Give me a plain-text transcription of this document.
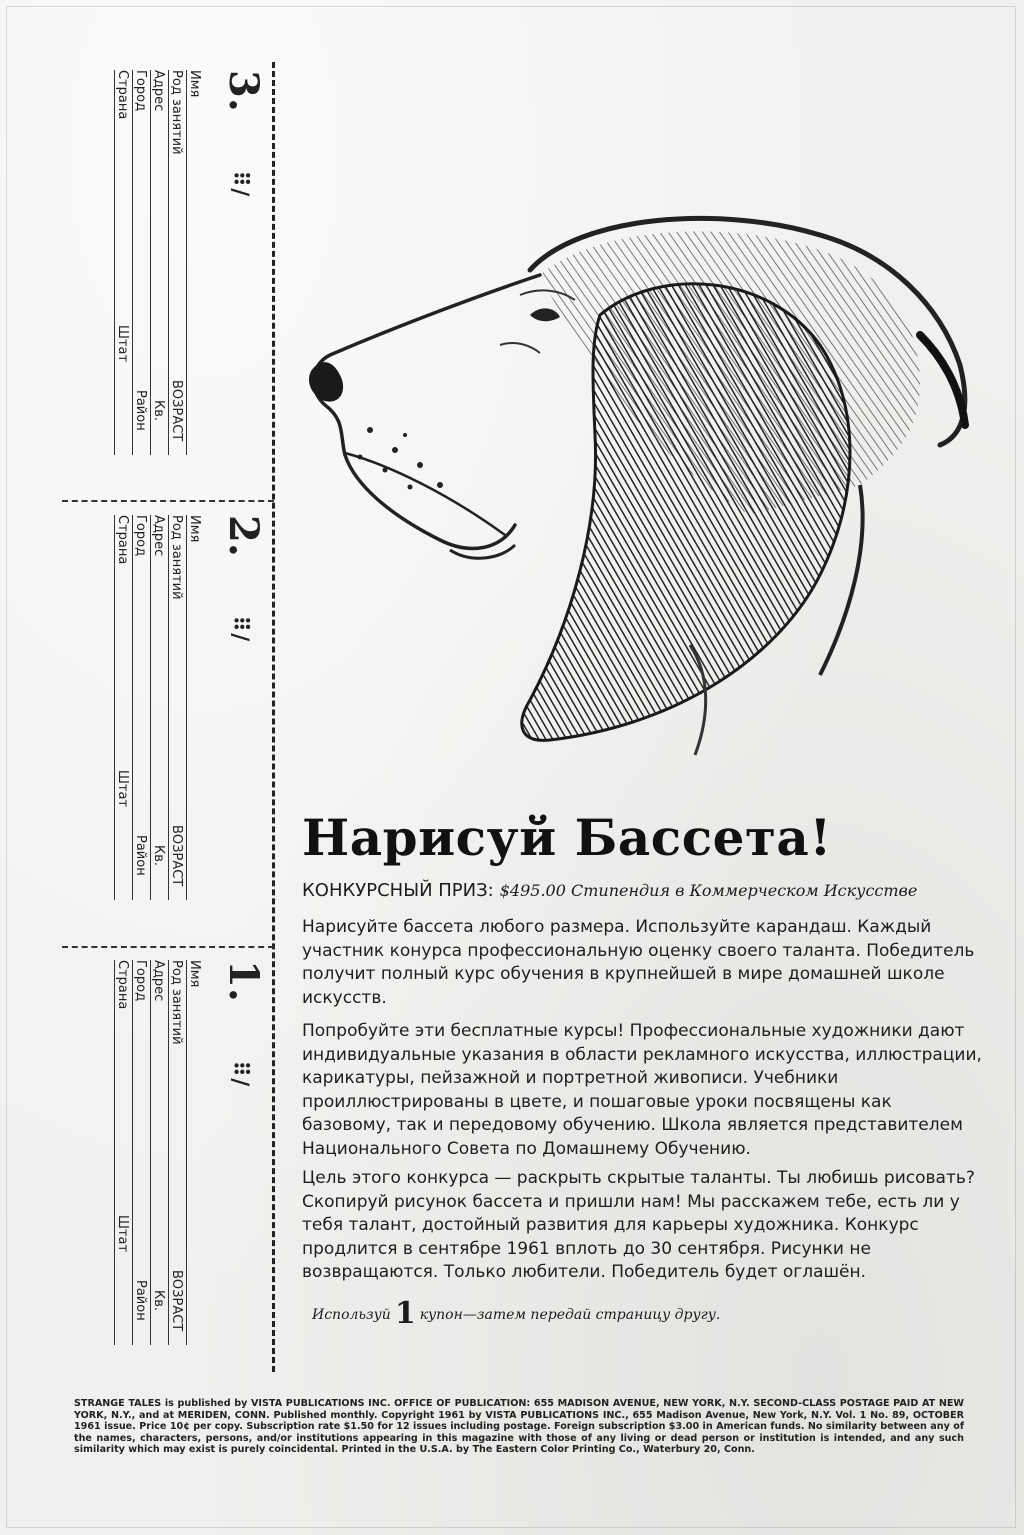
3.
⠿/
Имя
Род занятий
ВОЗРАСТ
Адрес
Кв.
Город
Район
Страна
Штат
2.
⠿/
Имя
Род занятий
ВОЗРАСТ
Адрес
Кв.
Город
Район
Страна
Штат
1.
⠿/
Имя
Род занятий
ВОЗРАСТ
Адрес
Кв.
Город
Район
Страна
Штат
Нарисуй Бассета!
КОНКУРСНЫЙ ПРИЗ: $495.00 Стипендия в Коммерческом Искусстве
Нарисуйте бассета любого размера. Используйте карандаш. Каждый участник конурса профессиональную оценку своего таланта. Победитель получит полный курс обучения в крупнейшей в мире домашней школе искусств.
Попробуйте эти бесплатные курсы! Профессиональные художники дают индивидуальные указания в области рекламного искусства, иллюстрации, карикатуры, пейзажной и портретной живописи. Учебники проиллюстрированы в цвете, и пошаговые уроки посвящены как базовому, так и передовому обучению. Школа является представителем Национального Совета по Домашнему Обучению.
Цель этого конкурса — раскрыть скрытые таланты. Ты любишь рисовать? Скопируй рисунок бассета и пришли нам! Мы расскажем тебе, есть ли у тебя талант, достойный развития для карьеры художника. Конкурс продлится в сентябре 1961 вплоть до 30 сентября. Рисунки не возвращаются. Только любители. Победитель будет оглашён.
Используй 1 купон—затем передай страницу другу.
STRANGE TALES is published by VISTA PUBLICATIONS INC. OFFICE OF PUBLICATION: 655 MADISON AVENUE, NEW YORK, N.Y. SECOND-CLASS POSTAGE PAID AT NEW YORK, N.Y., and at MERIDEN, CONN. Published monthly. Copyright 1961 by VISTA PUBLICATIONS INC., 655 Madison Avenue, New York, N.Y. Vol. 1 No. 89, OCTOBER 1961 issue. Price 10¢ per copy. Subscription rate $1.50 for 12 issues including postage. Foreign subscription $3.00 in American funds. No similarity between any of the names, characters, persons, and/or institutions appearing in this magazine with those of any living or dead person or institution is intended, and any such similarity which may exist is purely coincidental. Printed in the U.S.A. by The Eastern Color Printing Co., Waterbury 20, Conn.
